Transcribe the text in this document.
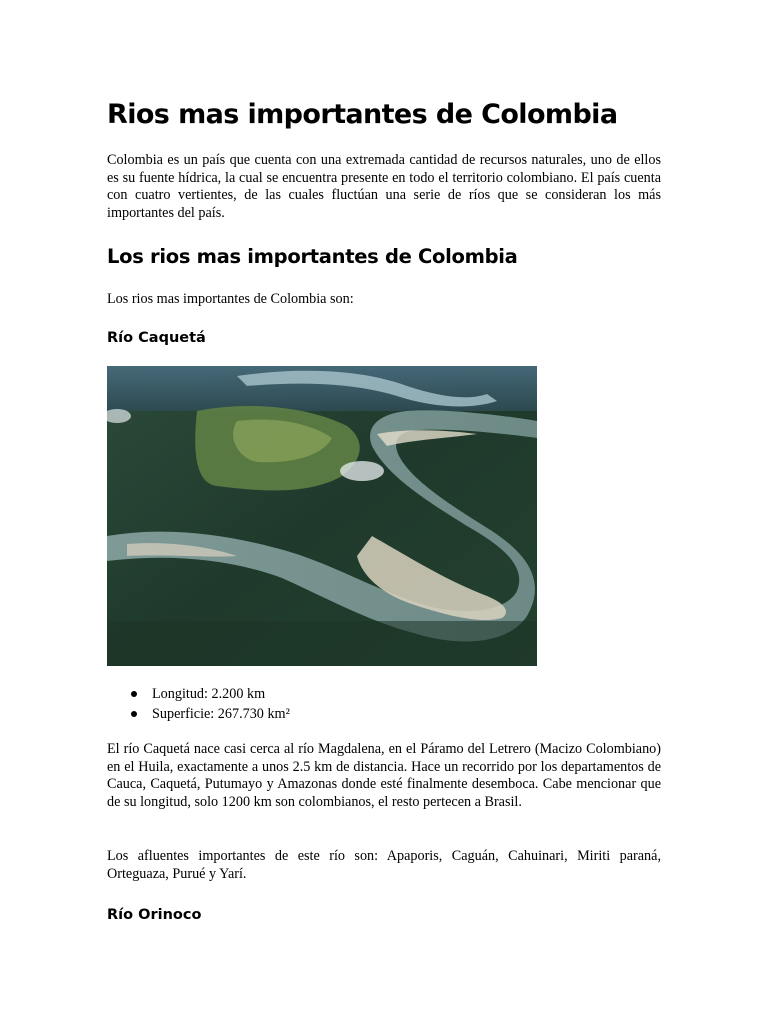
Rios mas importantes de Colombia

Colombia es un país que cuenta con una extremada cantidad de recursos naturales, uno de ellos es su fuente hídrica, la cual se encuentra presente en todo el territorio colombiano. El país cuenta con cuatro vertientes, de las cuales fluctúan una serie de ríos que se consideran los más importantes del país.

Los rios mas importantes de Colombia

Los rios mas importantes de Colombia son:

Río Caquetá
Longitud: 2.200 km
Superficie: 267.730 km²

El río Caquetá nace casi cerca al río Magdalena, en el Páramo del Letrero (Macizo Colombiano) en el Huila, exactamente a unos 2.5 km de distancia. Hace un recorrido por los departamentos de Cauca, Caquetá, Putumayo y Amazonas donde esté finalmente desemboca. Cabe mencionar que de su longitud, solo 1200 km son colombianos, el resto pertecen a Brasil.

Los afluentes importantes de este río son: Apaporis, Caguán, Cahuinari, Miriti paraná, Orteguaza, Purué y Yarí.

Río Orinoco
